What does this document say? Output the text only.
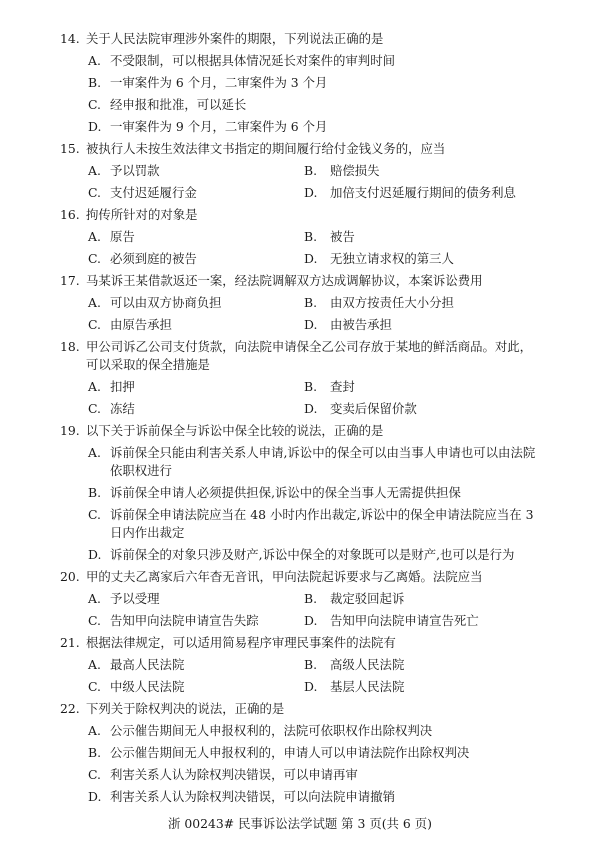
14. 关于人民法院审理涉外案件的期限，下列说法正确的是
A. 不受限制，可以根据具体情况延长对案件的审判时间
B. 一审案件为 6 个月，二审案件为 3 个月
C. 经申报和批准，可以延长
D. 一审案件为 9 个月，二审案件为 6 个月
15. 被执行人未按生效法律文书指定的期间履行给付金钱义务的，应当
A. 予以罚款	B. 赔偿损失
C. 支付迟延履行金	D. 加倍支付迟延履行期间的债务利息
16. 拘传所针对的对象是
A. 原告	B. 被告
C. 必须到庭的被告	D. 无独立请求权的第三人
17. 马某诉王某借款返还一案，经法院调解双方达成调解协议，本案诉讼费用
A. 可以由双方协商负担	B. 由双方按责任大小分担
C. 由原告承担	D. 由被告承担
18. 甲公司诉乙公司支付货款，向法院申请保全乙公司存放于某地的鲜活商品。对此，可以采取的保全措施是
A. 扣押	B. 查封
C. 冻结	D. 变卖后保留价款
19. 以下关于诉前保全与诉讼中保全比较的说法，正确的是
A. 诉前保全只能由利害关系人申请,诉讼中的保全可以由当事人申请也可以由法院依职权进行
B. 诉前保全申请人必须提供担保,诉讼中的保全当事人无需提供担保
C. 诉前保全申请法院应当在 48 小时内作出裁定,诉讼中的保全申请法院应当在 3 日内作出裁定
D. 诉前保全的对象只涉及财产,诉讼中保全的对象既可以是财产,也可以是行为
20. 甲的丈夫乙离家后六年杳无音讯，甲向法院起诉要求与乙离婚。法院应当
A. 予以受理	B. 裁定驳回起诉
C. 告知甲向法院申请宣告失踪	D. 告知甲向法院申请宣告死亡
21. 根据法律规定，可以适用简易程序审理民事案件的法院有
A. 最高人民法院	B. 高级人民法院
C. 中级人民法院	D. 基层人民法院
22. 下列关于除权判决的说法，正确的是
A. 公示催告期间无人申报权利的，法院可依职权作出除权判决
B. 公示催告期间无人申报权利的，申请人可以申请法院作出除权判决
C. 利害关系人认为除权判决错误，可以申请再审
D. 利害关系人认为除权判决错误，可以向法院申请撤销
浙 00243# 民事诉讼法学试题 第 3 页(共 6 页)
